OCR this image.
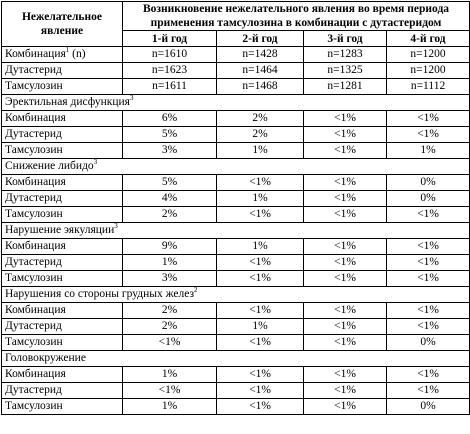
Нежелательное явление	Возникновение нежелательного явления во время периода применения тамсулозина в комбинации с дутастеридом			
	1-й год	2-й год	3-й год	4-й год
Комбинация$^1$ (n)	n=1610	n=1428	n=1283	n=1200
Дутастерид	n=1623	n=1464	n=1325	n=1200
Тамсулозин	n=1611	n=1468	n=1281	n=1112
Эректильная дисфункция$^3$
Комбинация	6%	2%	<1%	<1%
Дутастерид	5%	2%	<1%	<1%
Тамсулозин	3%	1%	<1%	1%
Снижение либидо$^3$
Комбинация	5%	<1%	<1%	0%
Дутастерид	4%	1%	<1%	0%
Тамсулозин	2%	<1%	<1%	<1%
Нарушение эякуляции$^3$
Комбинация	9%	1%	<1%	<1%
Дутастерид	1%	<1%	<1%	<1%
Тамсулозин	3%	<1%	<1%	<1%
Нарушения со стороны грудных желез$^2$
Комбинация	2%	<1%	<1%	<1%
Дутастерид	2%	1%	<1%	<1%
Тамсулозин	<1%	<1%	<1%	0%
Головокружение				
Комбинация	1%	<1%	<1%	<1%
Дутастерид	<1%	<1%	<1%	<1%
Тамсулозин	1%	<1%	<1%	0%
